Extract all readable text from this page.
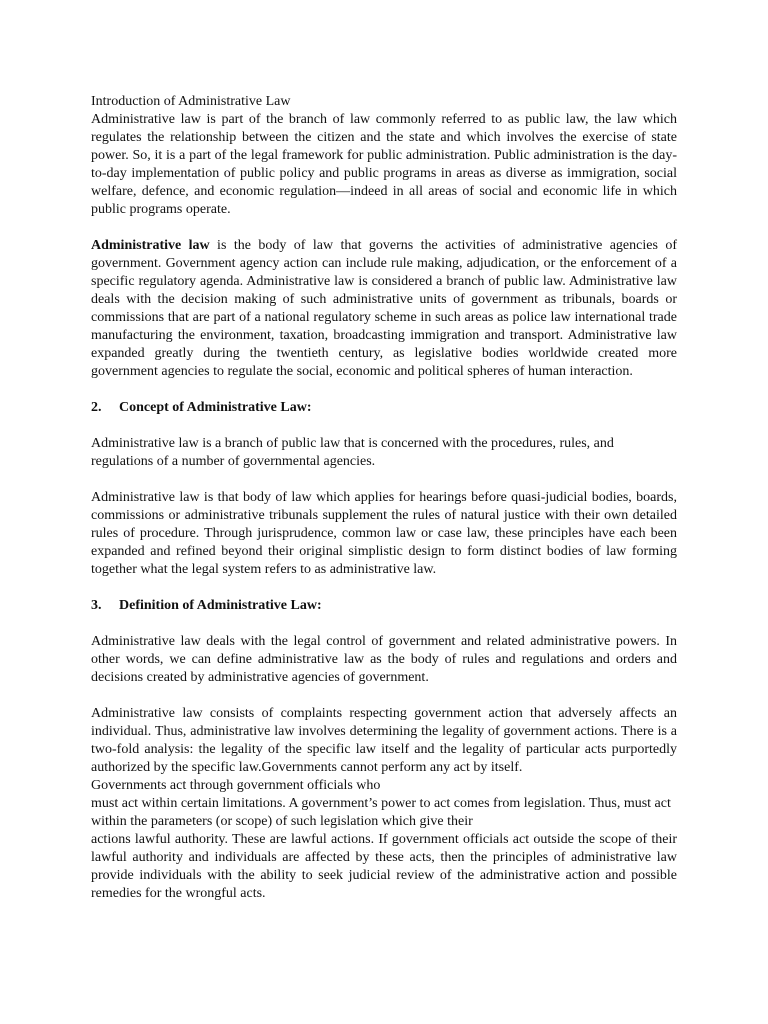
Introduction of Administrative Law

Administrative law is part of the branch of law commonly referred to as public law, the law which regulates the relationship between the citizen and the state and which involves the exercise of state power. So, it is a part of the legal framework for public administration. Public administration is the day-to-day implementation of public policy and public programs in areas as diverse as immigration, social welfare, defence, and economic regulation—indeed in all areas of social and economic life in which public programs operate.

Administrative law is the body of law that governs the activities of administrative agencies of government. Government agency action can include rule making, adjudication, or the enforcement of a specific regulatory agenda. Administrative law is considered a branch of public law. Administrative law deals with the decision making of such administrative units of government as tribunals, boards or commissions that are part of a national regulatory scheme in such areas as police law international trade manufacturing the environment, taxation, broadcasting immigration and transport. Administrative law expanded greatly during the twentieth century, as legislative bodies worldwide created more government agencies to regulate the social, economic and political spheres of human interaction.

2. Concept of Administrative Law:

Administrative law is a branch of public law that is concerned with the procedures, rules, and regulations of a number of governmental agencies.

Administrative law is that body of law which applies for hearings before quasi-judicial bodies, boards, commissions or administrative tribunals supplement the rules of natural justice with their own detailed rules of procedure. Through jurisprudence, common law or case law, these principles have each been expanded and refined beyond their original simplistic design to form distinct bodies of law forming together what the legal system refers to as administrative law.

3. Definition of Administrative Law:

Administrative law deals with the legal control of government and related administrative powers. In other words, we can define administrative law as the body of rules and regulations and orders and decisions created by administrative agencies of government.

Administrative law consists of complaints respecting government action that adversely affects an individual. Thus, administrative law involves determining the legality of government actions. There is a two-fold analysis: the legality of the specific law itself and the legality of particular acts purportedly authorized by the specific law.Governments cannot perform any act by itself.

Governments act through government officials who

must act within certain limitations. A government’s power to act comes from legislation. Thus, must act within the parameters (or scope) of such legislation which give their

actions lawful authority. These are lawful actions. If government officials act outside the scope of their lawful authority and individuals are affected by these acts, then the principles of administrative law provide individuals with the ability to seek judicial review of the administrative action and possible remedies for the wrongful acts.
